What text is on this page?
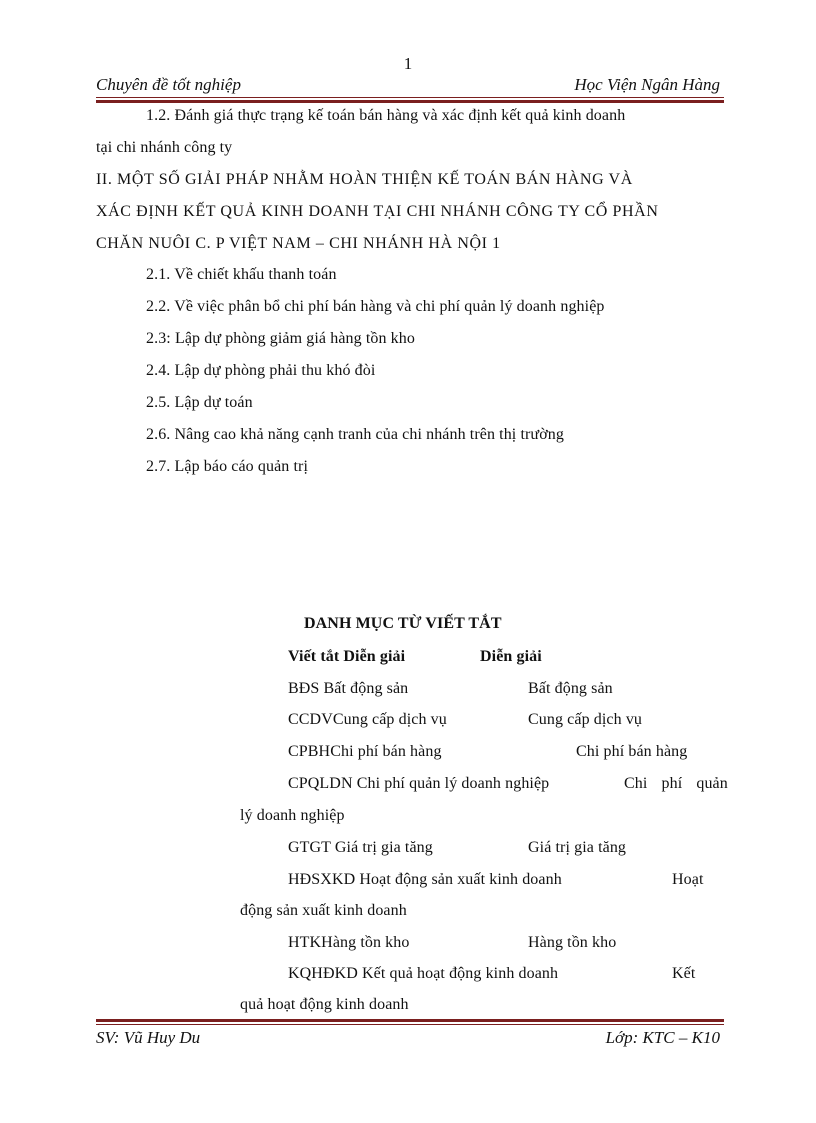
1
Chuyên đề tốt nghiệp	Học Viện Ngân Hàng
1.2. Đánh giá thực trạng kế toán bán hàng và xác định kết quả kinh doanh
tại chi nhánh công ty
II. MỘT SỐ GIẢI PHÁP NHẰM HOÀN THIỆN KẾ TOÁN BÁN HÀNG VÀ
XÁC ĐỊNH KẾT QUẢ KINH DOANH TẠI CHI NHÁNH CÔNG TY CỔ PHẦN
CHĂN NUÔI C. P VIỆT NAM – CHI NHÁNH HÀ NỘI 1
2.1. Về chiết khấu thanh toán
2.2. Về việc phân bổ chi phí bán hàng và chi phí quản lý doanh nghiệp
2.3: Lập dự phòng giảm giá hàng tồn kho
2.4. Lập dự phòng phải thu khó đòi
2.5. Lập dự toán
2.6. Nâng cao khả năng cạnh tranh của chi nhánh trên thị trường
2.7. Lập báo cáo quản trị
DANH MỤC TỪ VIẾT TẮT
Viết tắt Diễn giải	Diễn giải
BĐS Bất động sản	Bất động sản
CCDVCung cấp dịch vụ	Cung cấp dịch vụ
CPBHChi phí bán hàng	Chi phí bán hàng
CPQLDN Chi phí quản lý doanh nghiệp	Chi phí quản
lý doanh nghiệp
GTGT Giá trị gia tăng	Giá trị gia tăng
HĐSXKD Hoạt động sản xuất kinh doanh	Hoạt
động sản xuất kinh doanh
HTKHàng tồn kho	Hàng tồn kho
KQHĐKD Kết quả hoạt động kinh doanh	Kết
quả hoạt động kinh doanh
SV: Vũ Huy Du	Lớp: KTC – K10
